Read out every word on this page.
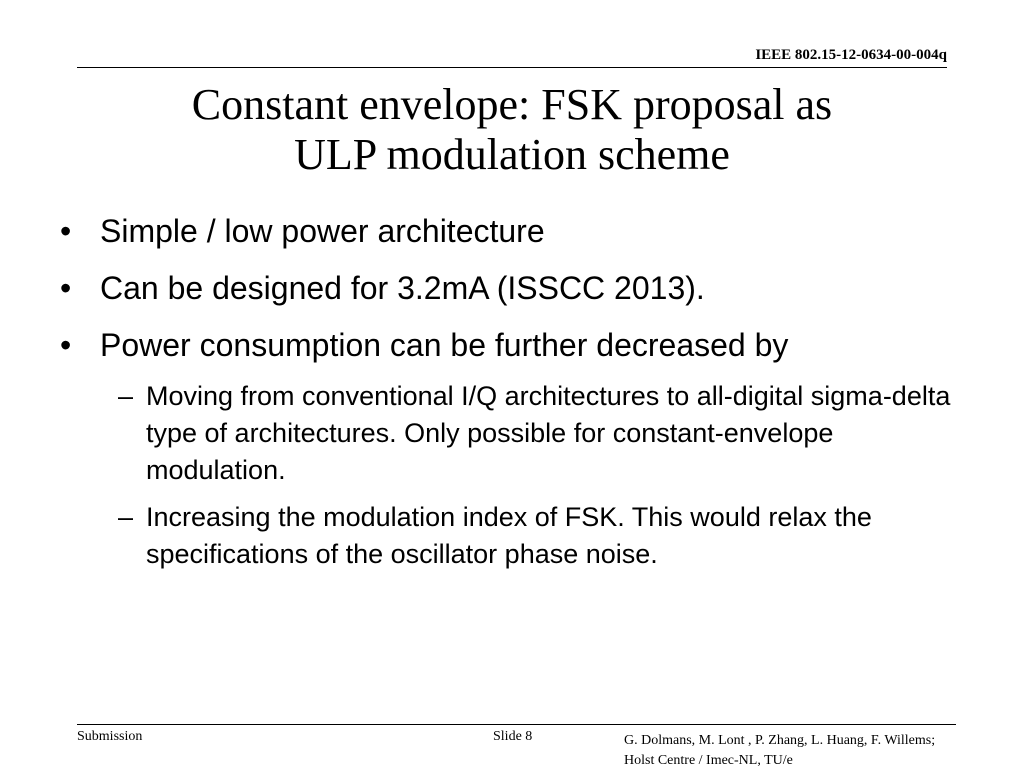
IEEE 802.15-12-0634-00-004q
Constant envelope: FSK proposal as
ULP modulation scheme
• Simple / low power architecture
• Can be designed for 3.2mA (ISSCC 2013).
• Power consumption can be further decreased by
– Moving from conventional I/Q architectures to all-digital sigma-delta type of architectures. Only possible for constant-envelope modulation.
– Increasing the modulation index of FSK. This would relax the specifications of the oscillator phase noise.
Submission	Slide 8	G. Dolmans, M. Lont , P. Zhang, L. Huang, F. Willems; Holst Centre / Imec-NL, TU/e
